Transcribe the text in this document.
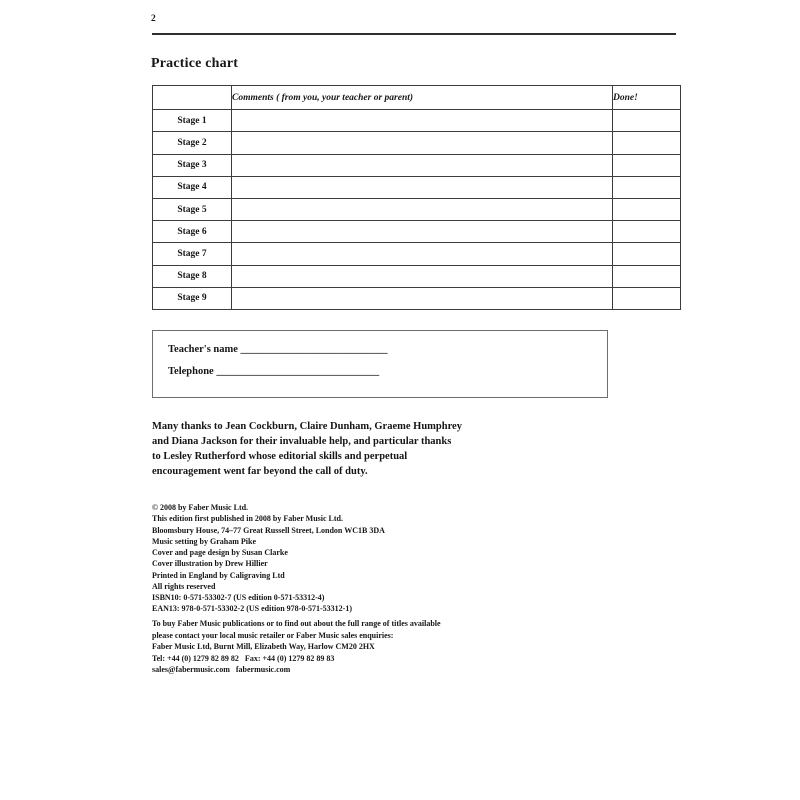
2
Practice chart
	Comments ( from you, your teacher or parent)	Done!
Stage 1		
Stage 2		
Stage 3		
Stage 4		
Stage 5		
Stage 6		
Stage 7		
Stage 8		
Stage 9		
Teacher's name ____________________________
Telephone _______________________________
Many thanks to Jean Cockburn, Claire Dunham, Graeme Humphrey
and Diana Jackson for their invaluable help, and particular thanks
to Lesley Rutherford whose editorial skills and perpetual
encouragement went far beyond the call of duty.
© 2008 by Faber Music Ltd.
This edition first published in 2008 by Faber Music Ltd.
Bloomsbury House, 74–77 Great Russell Street, London WC1B 3DA
Music setting by Graham Pike
Cover and page design by Susan Clarke
Cover illustration by Drew Hillier
Printed in England by Caligraving Ltd
All rights reserved
ISBN10: 0-571-53302-7 (US edition 0-571-53312-4)
EAN13: 978-0-571-53302-2 (US edition 978-0-571-53312-1)
To buy Faber Music publications or to find out about the full range of titles available
please contact your local music retailer or Faber Music sales enquiries:
Faber Music Ltd, Burnt Mill, Elizabeth Way, Harlow CM20 2HX
Tel: +44 (0) 1279 82 89 82   Fax: +44 (0) 1279 82 89 83
sales@fabermusic.com   fabermusic.com
